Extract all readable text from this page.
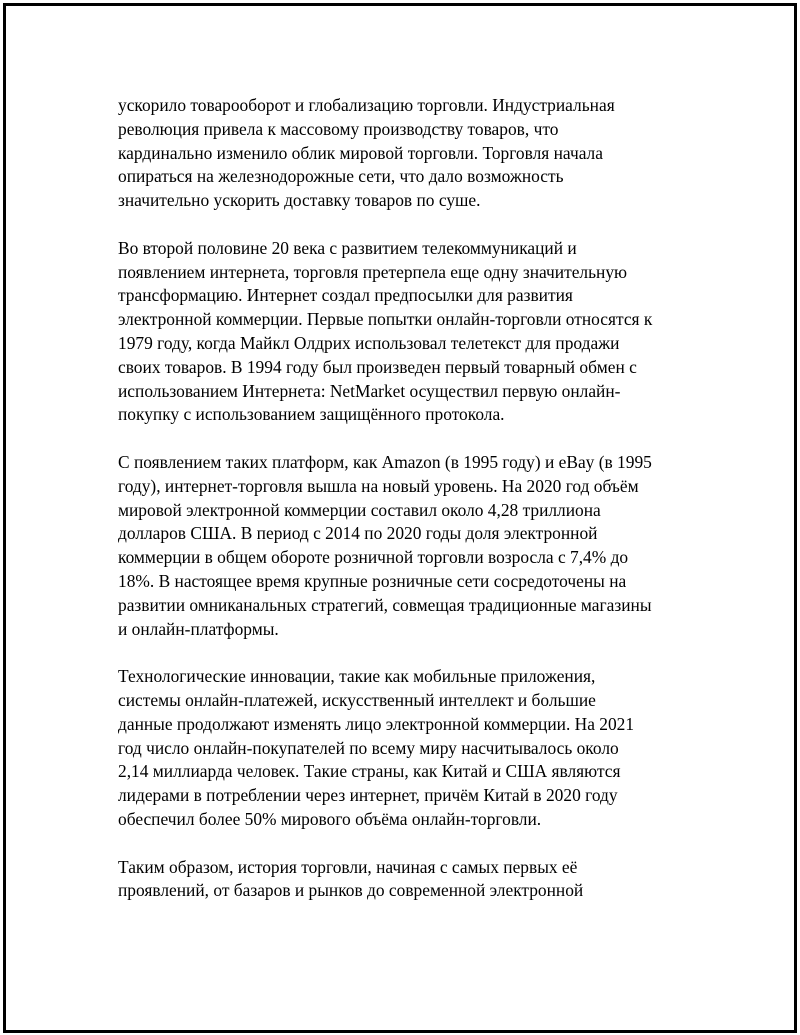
ускорило товарооборот и глобализацию торговли. Индустриальная
революция привела к массовому производству товаров, что
кардинально изменило облик мировой торговли. Торговля начала
опираться на железнодорожные сети, что дало возможность
значительно ускорить доставку товаров по суше.

Во второй половине 20 века с развитием телекоммуникаций и
появлением интернета, торговля претерпела еще одну значительную
трансформацию. Интернет создал предпосылки для развития
электронной коммерции. Первые попытки онлайн-торговли относятся к
1979 году, когда Майкл Олдрих использовал телетекст для продажи
своих товаров. В 1994 году был произведен первый товарный обмен с
использованием Интернета: NetMarket осуществил первую онлайн-
покупку с использованием защищённого протокола.

С появлением таких платформ, как Amazon (в 1995 году) и eBay (в 1995
году), интернет-торговля вышла на новый уровень. На 2020 год объём
мировой электронной коммерции составил около 4,28 триллиона
долларов США. В период с 2014 по 2020 годы доля электронной
коммерции в общем обороте розничной торговли возросла с 7,4% до
18%. В настоящее время крупные розничные сети сосредоточены на
развитии омниканальных стратегий, совмещая традиционные магазины
и онлайн-платформы.

Технологические инновации, такие как мобильные приложения,
системы онлайн-платежей, искусственный интеллект и большие
данные продолжают изменять лицо электронной коммерции. На 2021
год число онлайн-покупателей по всему миру насчитывалось около
2,14 миллиарда человек. Такие страны, как Китай и США являются
лидерами в потреблении через интернет, причём Китай в 2020 году
обеспечил более 50% мирового объёма онлайн-торговли.

Таким образом, история торговли, начиная с самых первых её
проявлений, от базаров и рынков до современной электронной
